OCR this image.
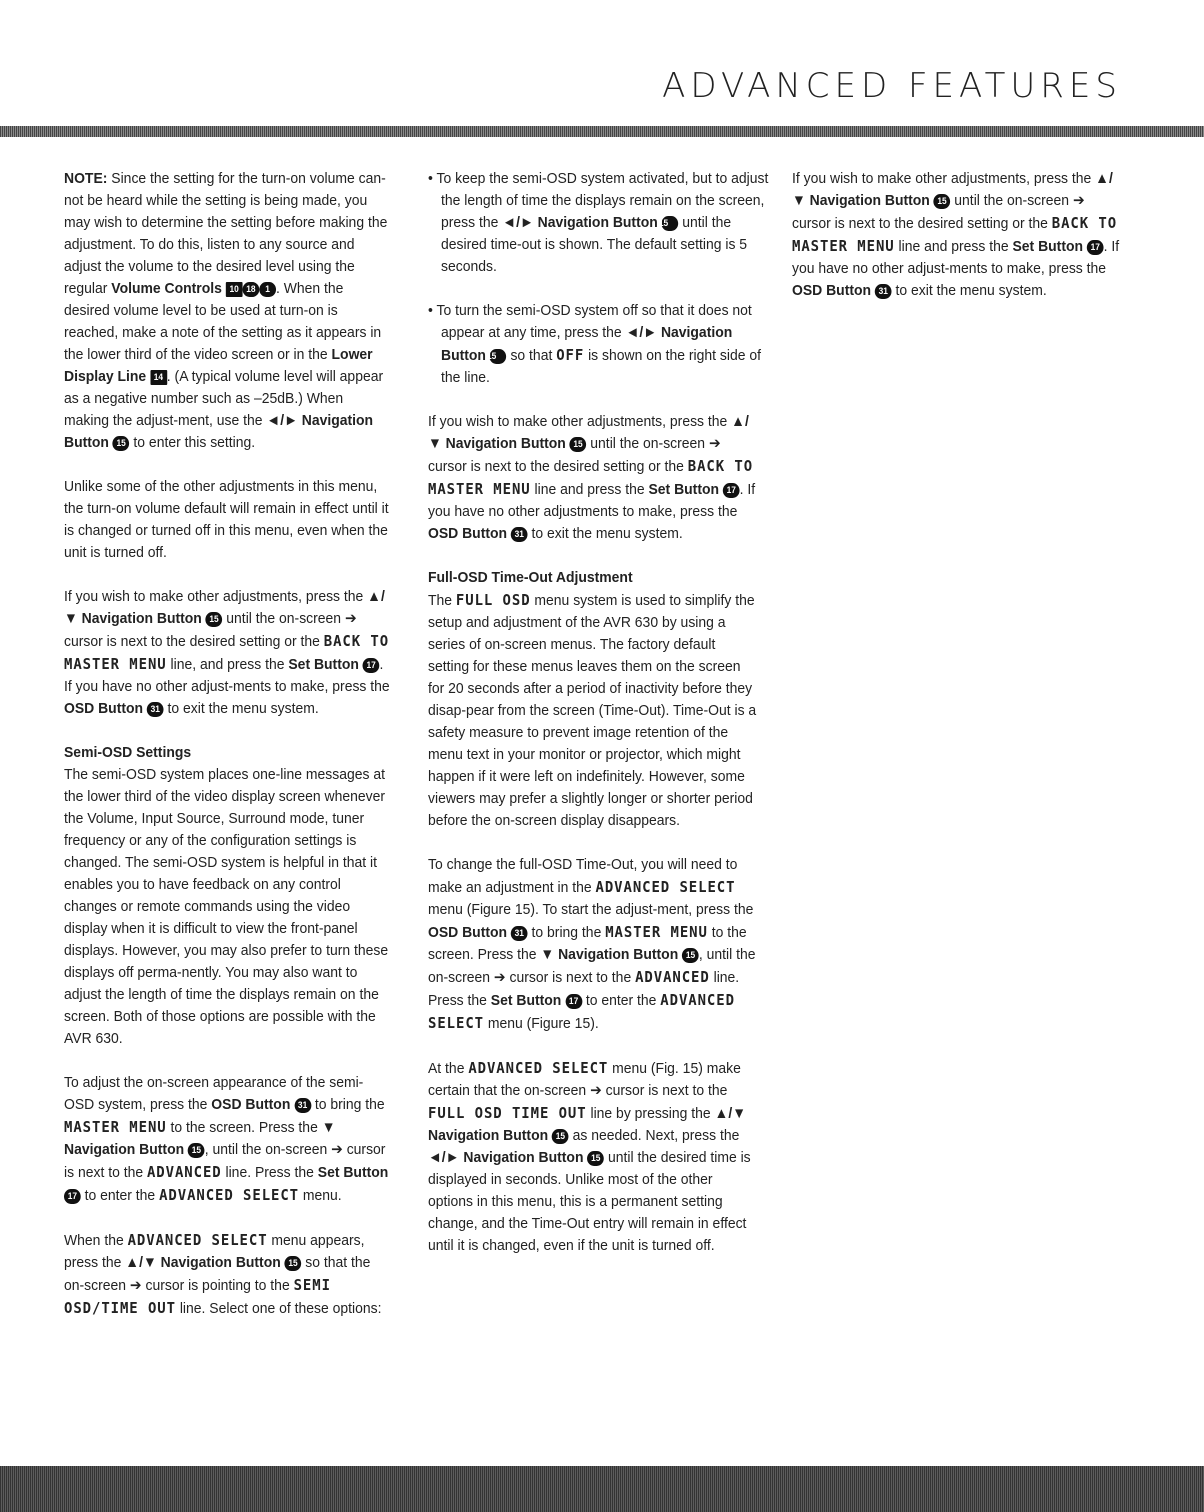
ADVANCED FEATURES

NOTE: Since the setting for the turn-on volume can-not be heard while the setting is being made, you may wish to determine the setting before making the adjustment. To do this, listen to any source and adjust the volume to the desired level using the regular Volume Controls 10 18 1 . When the desired volume level to be used at turn-on is reached, make a note of the setting as it appears in the lower third of the video screen or in the Lower Display Line 14 . (A typical volume level will appear as a negative number such as –25dB.) When making the adjust-ment, use the ◄/► Navigation Button 15 to enter this setting.

Unlike some of the other adjustments in this menu, the turn-on volume default will remain in effect until it is changed or turned off in this menu, even when the unit is turned off.

If you wish to make other adjustments, press the ▲/▼ Navigation Button 15 until the on-screen ➔ cursor is next to the desired setting or the BACK TO MASTER MENU line, and press the Set Button 17 . If you have no other adjust-ments to make, press the OSD Button 31 to exit the menu system.

Semi-OSD Settings

The semi-OSD system places one-line messages at the lower third of the video display screen whenever the Volume, Input Source, Surround mode, tuner frequency or any of the configuration settings is changed. The semi-OSD system is helpful in that it enables you to have feedback on any control changes or remote commands using the video display when it is difficult to view the front-panel displays. However, you may also prefer to turn these displays off perma-nently. You may also want to adjust the length of time the displays remain on the screen. Both of those options are possible with the AVR 630.

To adjust the on-screen appearance of the semi-OSD system, press the OSD Button 31 to bring the MASTER MENU to the screen. Press the ▼ Navigation Button 15 , until the on-screen ➔ cursor is next to the ADVANCED line. Press the Set Button 17 to enter the ADVANCED SELECT menu.

When the ADVANCED SELECT menu appears, press the ▲/▼ Navigation Button 15 so that the on-screen ➔ cursor is pointing to the SEMI OSD/TIME OUT line. Select one of these options:

• To keep the semi-OSD system activated, but to adjust the length of time the displays remain on the screen, press the ◄/► Navigation Button 15 until the desired time-out is shown. The default setting is 5 seconds.

• To turn the semi-OSD system off so that it does not appear at any time, press the ◄/► Navigation Button 15 so that OFF is shown on the right side of the line.

If you wish to make other adjustments, press the ▲/▼ Navigation Button 15 until the on-screen ➔ cursor is next to the desired setting or the BACK TO MASTER MENU line and press the Set Button 17 . If you have no other adjustments to make, press the OSD Button 31 to exit the menu system.

Full-OSD Time-Out Adjustment

The FULL OSD menu system is used to simplify the setup and adjustment of the AVR 630 by using a series of on-screen menus. The factory default setting for these menus leaves them on the screen for 20 seconds after a period of inactivity before they disap-pear from the screen (Time-Out). Time-Out is a safety measure to prevent image retention of the menu text in your monitor or projector, which might happen if it were left on indefinitely. However, some viewers may prefer a slightly longer or shorter period before the on-screen display disappears.

To change the full-OSD Time-Out, you will need to make an adjustment in the ADVANCED SELECT menu (Figure 15). To start the adjust-ment, press the OSD Button 31 to bring the MASTER MENU to the screen. Press the ▼ Navigation Button 15 , until the on-screen ➔ cursor is next to the ADVANCED line. Press the Set Button 17 to enter the ADVANCED SELECT menu (Figure 15).

At the ADVANCED SELECT menu (Fig. 15) make certain that the on-screen ➔ cursor is next to the FULL OSD TIME OUT line by pressing the ▲/▼ Navigation Button 15 as needed. Next, press the ◄/► Navigation Button 15 until the desired time is displayed in seconds. Unlike most of the other options in this menu, this is a permanent setting change, and the Time-Out entry will remain in effect until it is changed, even if the unit is turned off.

If you wish to make other adjustments, press the ▲/▼ Navigation Button 15 until the on-screen ➔ cursor is next to the desired setting or the BACK TO MASTER MENU line and press the Set Button 17 . If you have no other adjust-ments to make, press the OSD Button 31 to exit the menu system.
